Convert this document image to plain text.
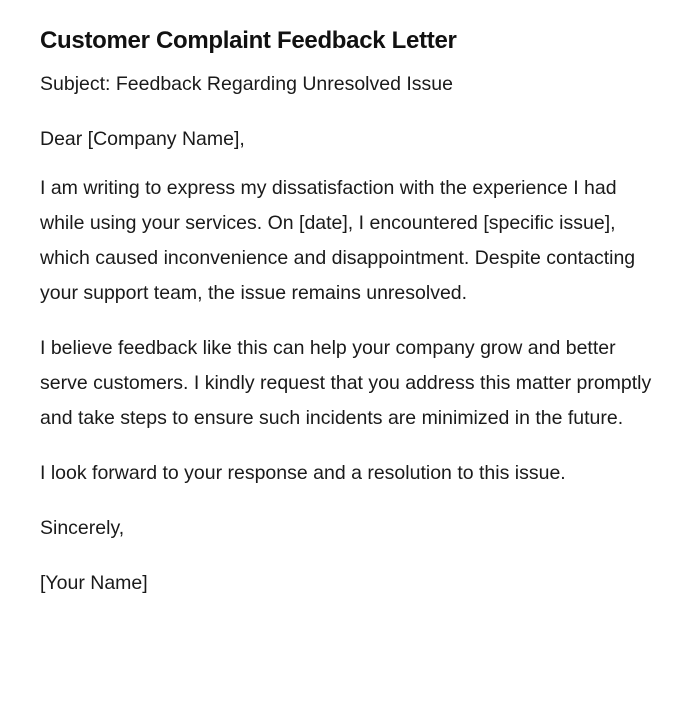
Customer Complaint Feedback Letter

Subject: Feedback Regarding Unresolved Issue

Dear [Company Name],

I am writing to express my dissatisfaction with the experience I had while using your services. On [date], I encountered [specific issue], which caused inconvenience and disappointment. Despite contacting your support team, the issue remains unresolved.

I believe feedback like this can help your company grow and better serve customers. I kindly request that you address this matter promptly and take steps to ensure such incidents are minimized in the future.

I look forward to your response and a resolution to this issue.

Sincerely,

[Your Name]
